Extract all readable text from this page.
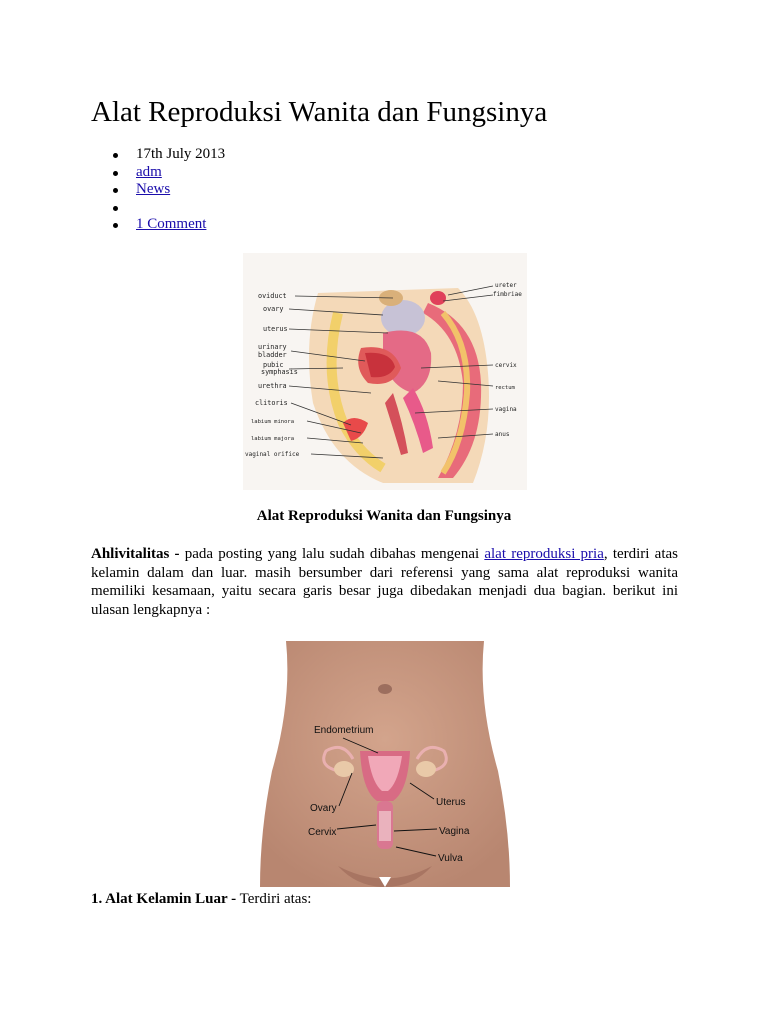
Alat Reproduksi Wanita dan Fungsinya
17th July 2013
adm
News
1 Comment
oviduct
ovary
uterus
urinary
bladder
pubic
symphasis
urethra
clitoris
labium minora
labium majora
vaginal orifice
ureter
fimbriae
cervix
rectum
vagina
anus
Alat Reproduksi Wanita dan Fungsinya

Ahlivitalitas - pada posting yang lalu sudah dibahas mengenai alat reproduksi pria, terdiri atas kelamin dalam dan luar. masih bersumber dari referensi yang sama alat reproduksi wanita memiliki kesamaan, yaitu secara garis besar juga dibedakan menjadi dua bagian. berikut ini ulasan lengkapnya :

Endometrium
Ovary
Uterus
Cervix	Vagina
Vulva

1. Alat Kelamin Luar - Terdiri atas:
